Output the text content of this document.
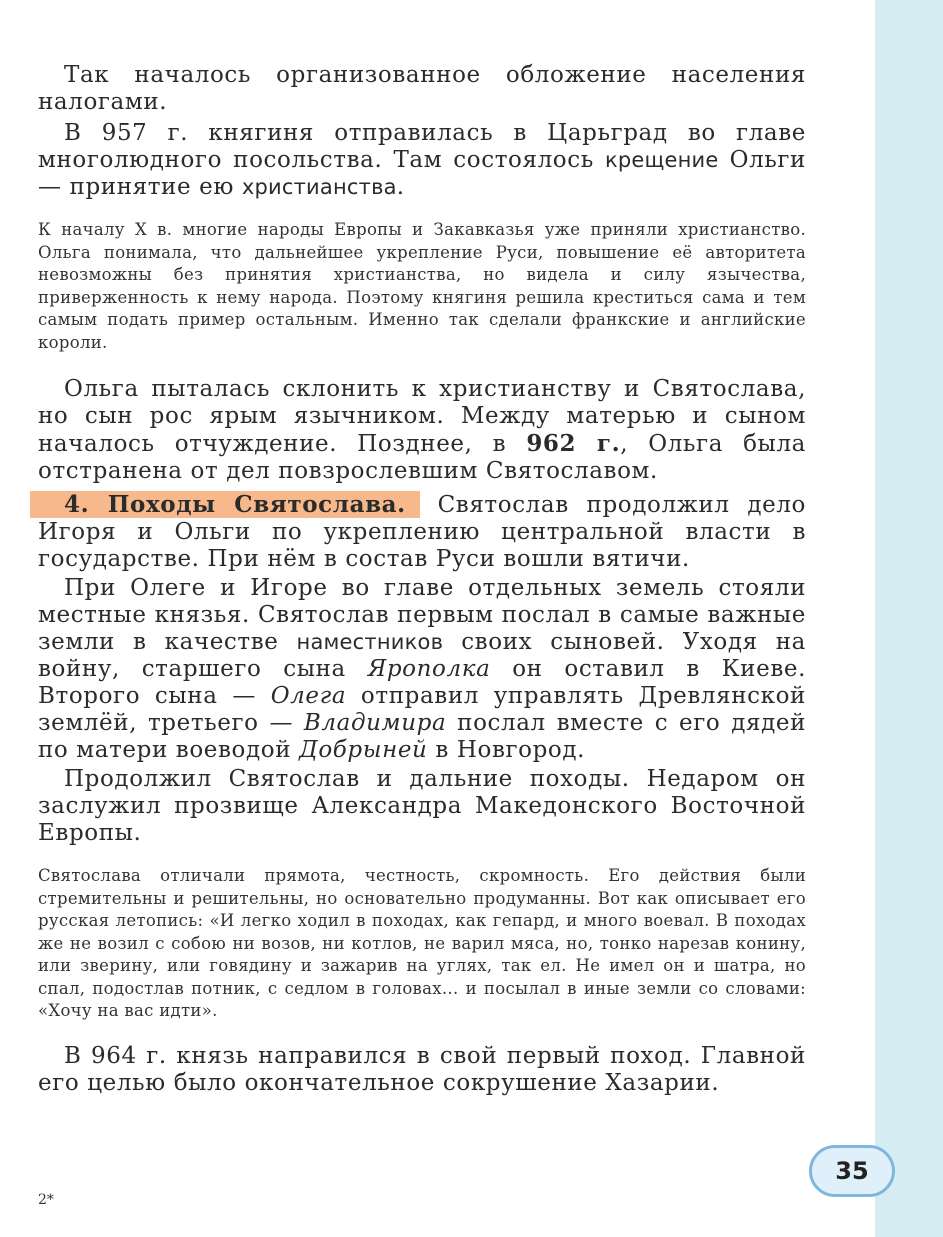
Так началось организованное обложение населения налогами.

В 957 г. княгиня отправилась в Царьград во главе многолюдного посольства. Там состоялось крещение Ольги — принятие ею христианства.

К началу X в. многие народы Европы и Закавказья уже приняли христианство. Ольга понимала, что дальнейшее укрепление Руси, повышение её авторитета невозможны без принятия христианства, но видела и силу язычества, приверженность к нему народа. Поэтому княгиня решила креститься сама и тем самым подать пример остальным. Именно так сделали франкские и английские короли.

Ольга пыталась склонить к христианству и Святослава, но сын рос ярым язычником. Между матерью и сыном началось отчуждение. Позднее, в 962 г., Ольга была отстранена от дел повзрослевшим Святославом.

4. Походы Святослава. Святослав продолжил дело Игоря и Ольги по укреплению центральной власти в государстве. При нём в состав Руси вошли вятичи.

При Олеге и Игоре во главе отдельных земель стояли местные князья. Святослав первым послал в самые важные земли в качестве наместников своих сыновей. Уходя на войну, старшего сына Ярополка он оставил в Киеве. Второго сына — Олега отправил управлять Древлянской землёй, третьего — Владимира послал вместе с его дядей по матери воеводой Добрыней в Новгород.

Продолжил Святослав и дальние походы. Недаром он заслужил прозвище Александра Македонского Восточной Европы.

Святослава отличали прямота, честность, скромность. Его действия были стремительны и решительны, но основательно продуманны. Вот как описывает его русская летопись: «И легко ходил в походах, как гепард, и много воевал. В походах же не возил с собою ни возов, ни котлов, не варил мяса, но, тонко нарезав конину, или зверину, или говядину и зажарив на углях, так ел. Не имел он и шатра, но спал, подостлав потник, с седлом в головах... и посылал в иные земли со словами: «Хочу на вас идти».

В 964 г. князь направился в свой первый поход. Главной его целью было окончательное сокрушение Хазарии.

35
2*
